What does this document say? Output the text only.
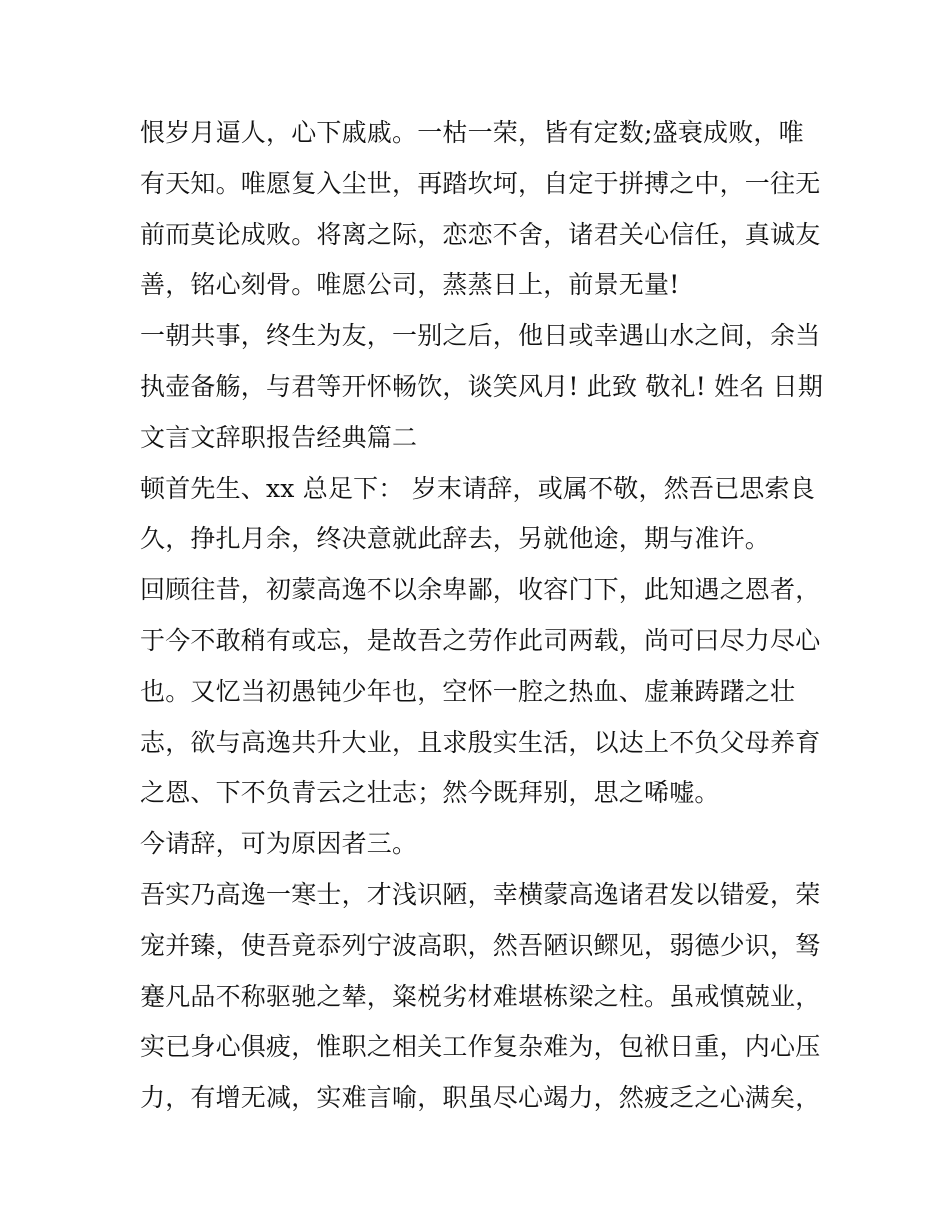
恨岁月逼人，心下戚戚。一枯一荣，皆有定数;盛衰成败，唯
有天知。唯愿复入尘世，再踏坎坷，自定于拼搏之中，一往无
前而莫论成败。将离之际，恋恋不舍，诸君关心信任，真诚友
善，铭心刻骨。唯愿公司，蒸蒸日上，前景无量!
一朝共事，终生为友，一别之后，他日或幸遇山水之间，余当
执壶备觞，与君等开怀畅饮，谈笑风月! 此致 敬礼! 姓名 日期
文言文辞职报告经典篇二
顿首先生、xx 总足下： 岁末请辞，或属不敬，然吾已思索良
久，挣扎月余，终决意就此辞去，另就他途，期与准许。
回顾往昔，初蒙高逸不以余卑鄙，收容门下，此知遇之恩者，
于今不敢稍有或忘，是故吾之劳作此司两载，尚可曰尽力尽心
也。又忆当初愚钝少年也，空怀一腔之热血、虚兼踌躇之壮
志，欲与高逸共升大业，且求殷实生活，以达上不负父母养育
之恩、下不负青云之壮志；然今既拜别，思之唏嘘。
今请辞，可为原因者三。
吾实乃高逸一寒士，才浅识陋，幸横蒙高逸诸君发以错爱，荣
宠并臻，使吾竟忝列宁波高职，然吾陋识鳏见，弱德少识，驽
蹇凡品不称驱驰之辇，粢棁劣材难堪栋梁之柱。虽戒慎兢业，
实已身心俱疲，惟职之相关工作复杂难为，包袱日重，内心压
力，有增无减，实难言喻，职虽尽心竭力，然疲乏之心满矣，
